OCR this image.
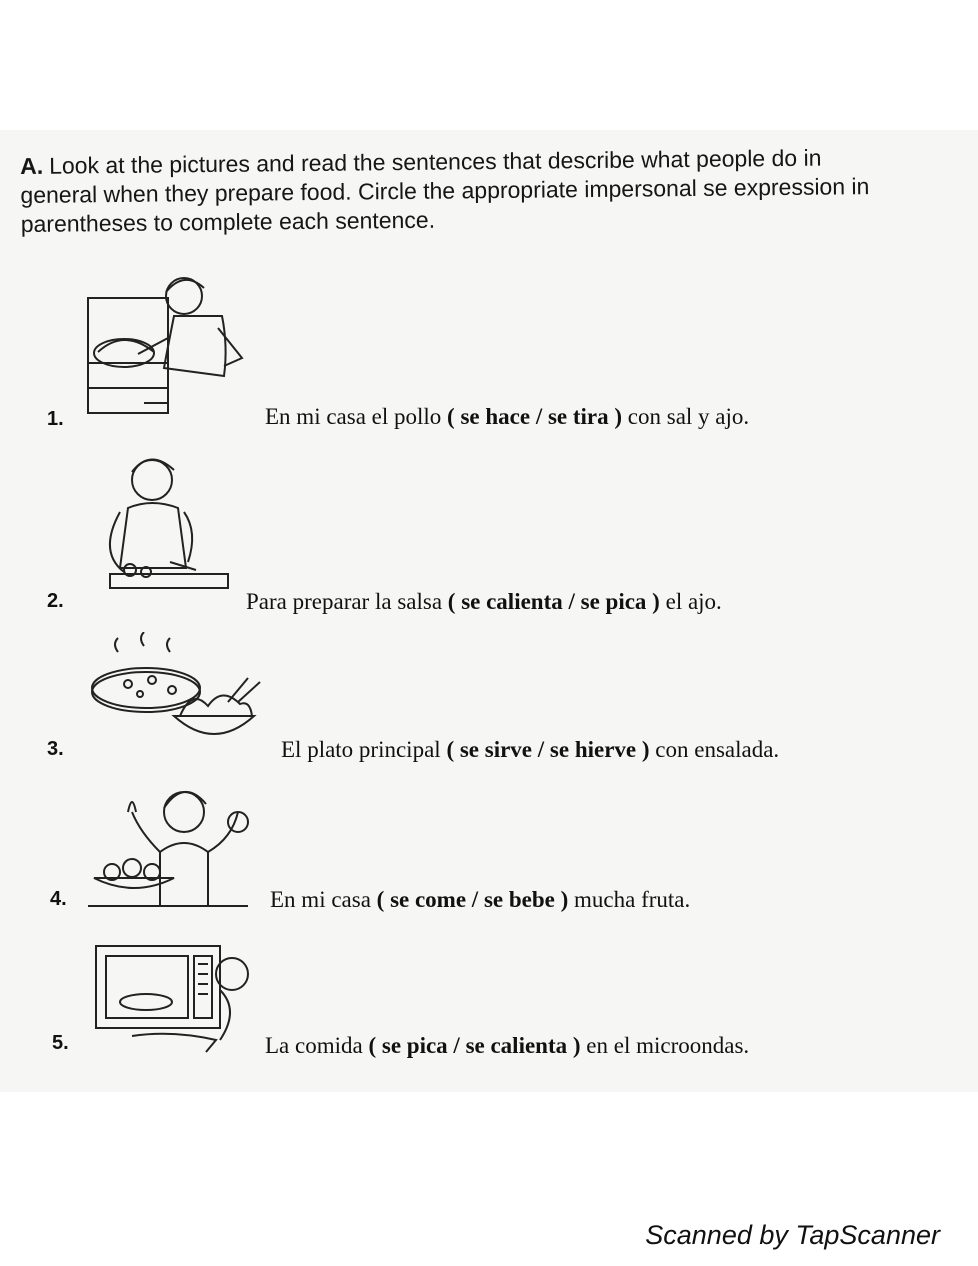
A. Look at the pictures and read the sentences that describe what people do in
general when they prepare food. Circle the appropriate impersonal se expression in
parentheses to complete each sentence.
1.	En mi casa el pollo ( se hace / se tira ) con sal y ajo.
2.	Para preparar la salsa ( se calienta / se pica ) el ajo.
3.	El plato principal ( se sirve / se hierve ) con ensalada.
4.	En mi casa ( se come / se bebe ) mucha fruta.
5.	La comida ( se pica / se calienta ) en el microondas.
Scanned by TapScanner
